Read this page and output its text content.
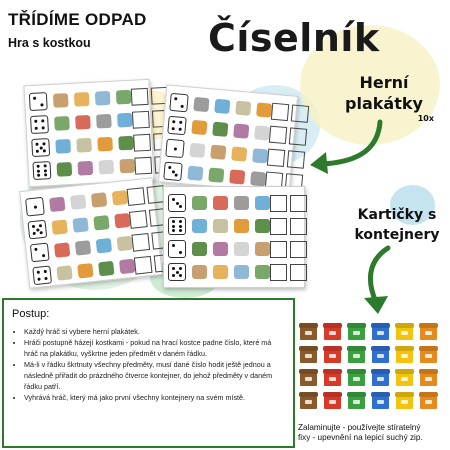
TŘÍDÍME ODPAD
Hra s kostkou	Číselník
Herní
plakátky
10x
Kartičky s
kontejnery
Postup:
• Každý hráč si vybere herní plakátek.
• Hráči postupně házejí kostkami - pokud na hrací kostce padne číslo, které má hráč na plakátku, vyškrtne jeden předmět v daném řádku.
• Má-li v řádku škrtnuty všechny předměty, musí dané číslo hodit ještě jednou a následně přiřadit do prázdného čtverce kontejner, do jehož předměty v daném řádku patří.
• Vyhrává hráč, který má jako první všechny kontejnery na svém místě.
Zalaminujte - používejte stíratelný
fixy - upevnění na lepicí suchý zip.
